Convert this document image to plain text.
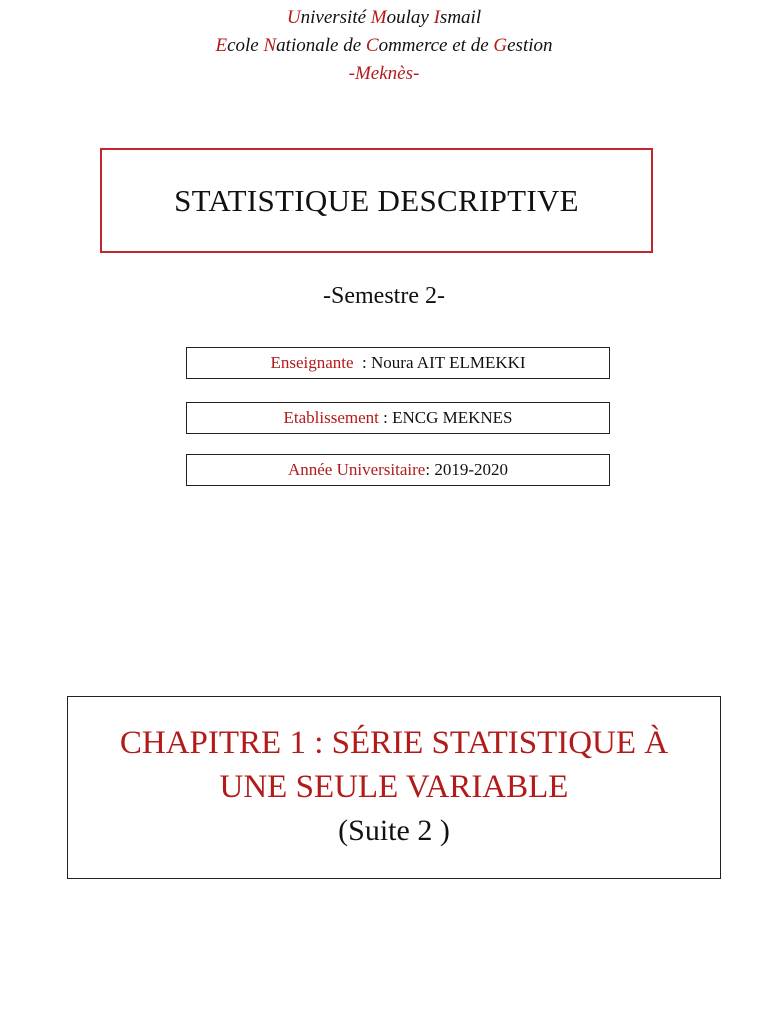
Université Moulay Ismail
Ecole Nationale de Commerce et de Gestion
-Meknès-
STATISTIQUE DESCRIPTIVE
-Semestre 2-
Enseignante : Noura AIT ELMEKKI
Etablissement : ENCG MEKNES
Année Universitaire : 2019-2020
CHAPITRE 1 : SÉRIE STATISTIQUE À
UNE SEULE VARIABLE
(Suite 2 )
